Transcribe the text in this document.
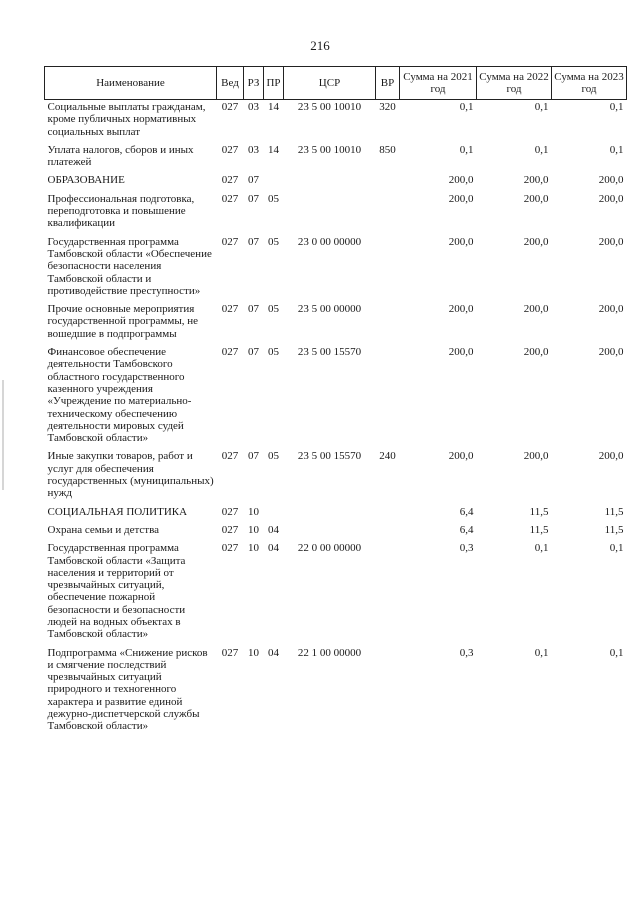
216
Наименование	Вед	РЗ	ПР	ЦСР	ВР	Сумма на 2021 год	Сумма на 2022 год	Сумма на 2023 год
Социальные выплаты гражданам, кроме публичных нормативных социальных выплат	027	03	14	23 5 00 10010	320	0,1	0,1	0,1
Уплата налогов, сборов и иных платежей	027	03	14	23 5 00 10010	850	0,1	0,1	0,1
ОБРАЗОВАНИЕ	027	07				200,0	200,0	200,0
Профессиональная подготовка, переподготовка и повышение квалификации	027	07	05			200,0	200,0	200,0
Государственная программа Тамбовской области «Обеспечение безопасности населения Тамбовской области и противодействие преступности»	027	07	05	23 0 00 00000		200,0	200,0	200,0
Прочие основные мероприятия государственной программы, не вошедшие в подпрограммы	027	07	05	23 5 00 00000		200,0	200,0	200,0
Финансовое обеспечение деятельности Тамбовского областного государственного казенного учреждения «Учреждение по материально-техническому обеспечению деятельности мировых судей Тамбовской области»	027	07	05	23 5 00 15570		200,0	200,0	200,0
Иные закупки товаров, работ и услуг для обеспечения государственных (муниципальных) нужд	027	07	05	23 5 00 15570	240	200,0	200,0	200,0
СОЦИАЛЬНАЯ ПОЛИТИКА	027	10				6,4	11,5	11,5
Охрана семьи и детства	027	10	04			6,4	11,5	11,5
Государственная программа Тамбовской области «Защита населения и территорий от чрезвычайных ситуаций, обеспечение пожарной безопасности и безопасности людей на водных объектах в Тамбовской области»	027	10	04	22 0 00 00000		0,3	0,1	0,1
Подпрограмма «Снижение рисков и смягчение последствий чрезвычайных ситуаций природного и техногенного характера и развитие единой дежурно-диспетчерской службы Тамбовской области»	027	10	04	22 1 00 00000		0,3	0,1	0,1
